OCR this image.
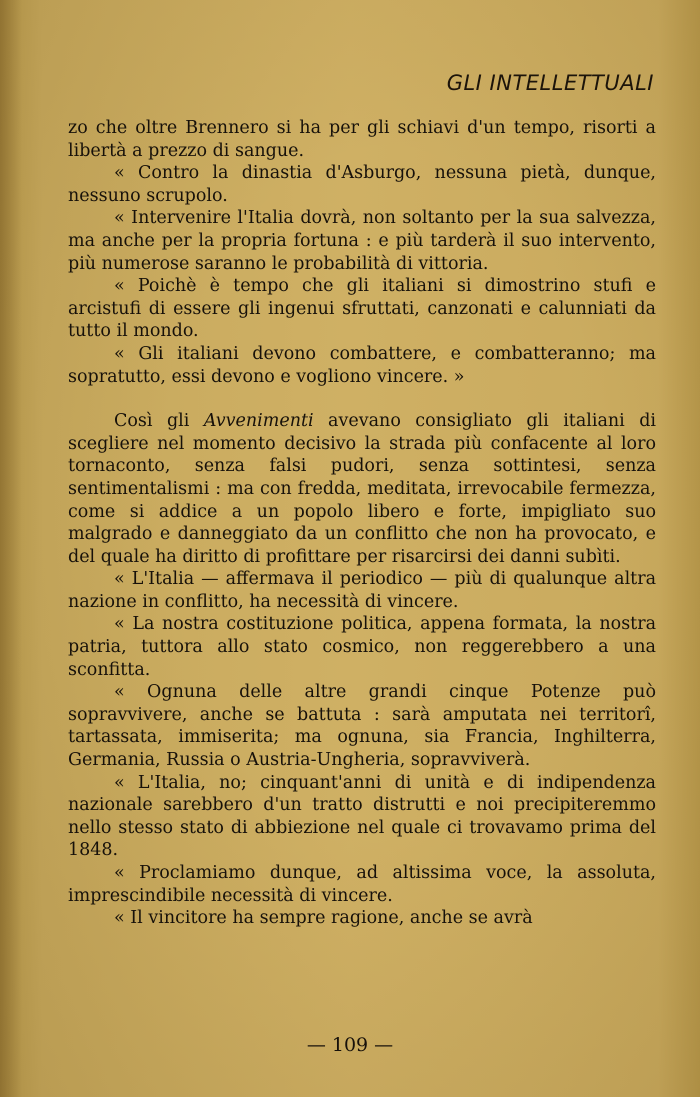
GLI INTELLETTUALI

zo che oltre Brennero si ha per gli schiavi d'un tempo, risorti a libertà a prezzo di sangue.

« Contro la dinastia d'Asburgo, nessuna pietà, dunque, nessuno scrupolo.

« Intervenire l'Italia dovrà, non soltanto per la sua salvezza, ma anche per la propria fortuna : e più tarderà il suo intervento, più numerose saranno le probabilità di vittoria.

« Poichè è tempo che gli italiani si dimostrino stufi e arcistufi di essere gli ingenui sfruttati, canzonati e calunniati da tutto il mondo.

« Gli italiani devono combattere, e combatteranno; ma sopratutto, essi devono e vogliono vincere. »

Così gli Avvenimenti avevano consigliato gli italiani di scegliere nel momento decisivo la strada più confacente al loro tornaconto, senza falsi pudori, senza sottintesi, senza sentimentalismi : ma con fredda, meditata, irrevocabile fermezza, come si addice a un popolo libero e forte, impigliato suo malgrado e danneggiato da un conflitto che non ha provocato, e del quale ha diritto di profittare per risarcirsi dei danni subìti.

« L'Italia — affermava il periodico — più di qualunque altra nazione in conflitto, ha necessità di vincere.

« La nostra costituzione politica, appena formata, la nostra patria, tuttora allo stato cosmico, non reggerebbero a una sconfitta.

« Ognuna delle altre grandi cinque Potenze può sopravvivere, anche se battuta : sarà amputata nei territorî, tartassata, immiserita; ma ognuna, sia Francia, Inghilterra, Germania, Russia o Austria-Ungheria, sopravviverà.

« L'Italia, no; cinquant'anni di unità e di indipendenza nazionale sarebbero d'un tratto distrutti e noi precipiteremmo nello stesso stato di abbiezione nel quale ci trovavamo prima del 1848.

« Proclamiamo dunque, ad altissima voce, la assoluta, imprescindibile necessità di vincere.

« Il vincitore ha sempre ragione, anche se avrà

— 109 —
